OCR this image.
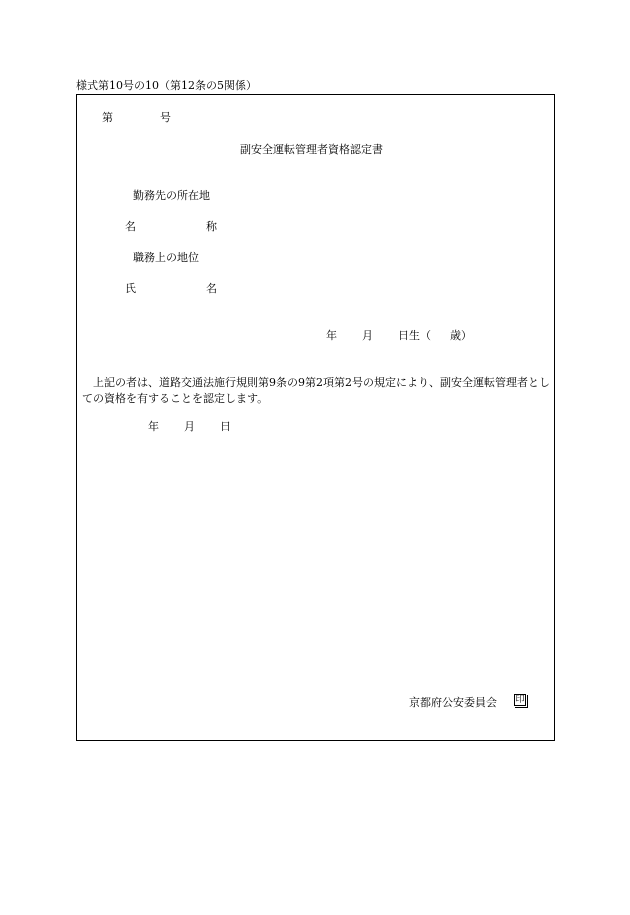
様式第10号の10（第12条の5関係）
第	号
副安全運転管理者資格認定書
勤務先の所在地
名	称
職務上の地位
氏	名
年 月 日生（ 歳）
上記の者は、道路交通法施行規則第9条の9第2項第2号の規定により、副安全運転管理者としての資格を有することを認定します。
年 月 日
京都府公安委員会 印
